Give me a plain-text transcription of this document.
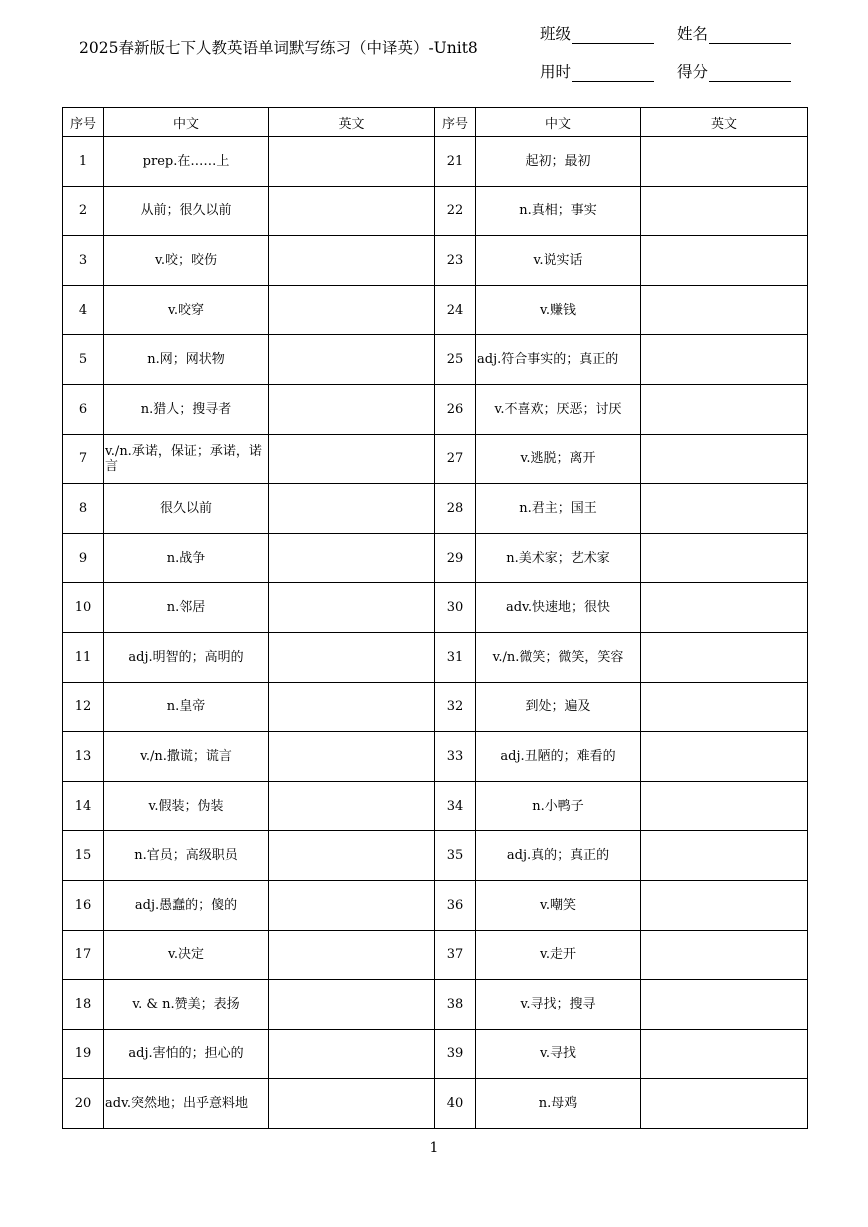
2025春新版七下人教英语单词默写练习（中译英）-Unit8
班级	姓名
用时	得分
序号	中文	英文	序号	中文	英文
1	prep.在……上		21	起初；最初	
2	从前；很久以前		22	n.真相；事实	
3	v.咬；咬伤		23	v.说实话	
4	v.咬穿		24	v.赚钱	
5	n.网；网状物		25	adj.符合事实的；真正的	
6	n.猎人；搜寻者		26	v.不喜欢；厌恶；讨厌	
7	v./n.承诺，保证；承诺，诺言		27	v.逃脱；离开	
8	很久以前		28	n.君主；国王	
9	n.战争		29	n.美术家；艺术家	
10	n.邻居		30	adv.快速地；很快	
11	adj.明智的；高明的		31	v./n.微笑；微笑，笑容	
12	n.皇帝		32	到处；遍及	
13	v./n.撒谎；谎言		33	adj.丑陋的；难看的	
14	v.假装；伪装		34	n.小鸭子	
15	n.官员；高级职员		35	adj.真的；真正的	
16	adj.愚蠢的；傻的		36	v.嘲笑	
17	v.决定		37	v.走开	
18	v. & n.赞美；表扬		38	v.寻找；搜寻	
19	adj.害怕的；担心的		39	v.寻找	
20	adv.突然地；出乎意料地		40	n.母鸡	
1
